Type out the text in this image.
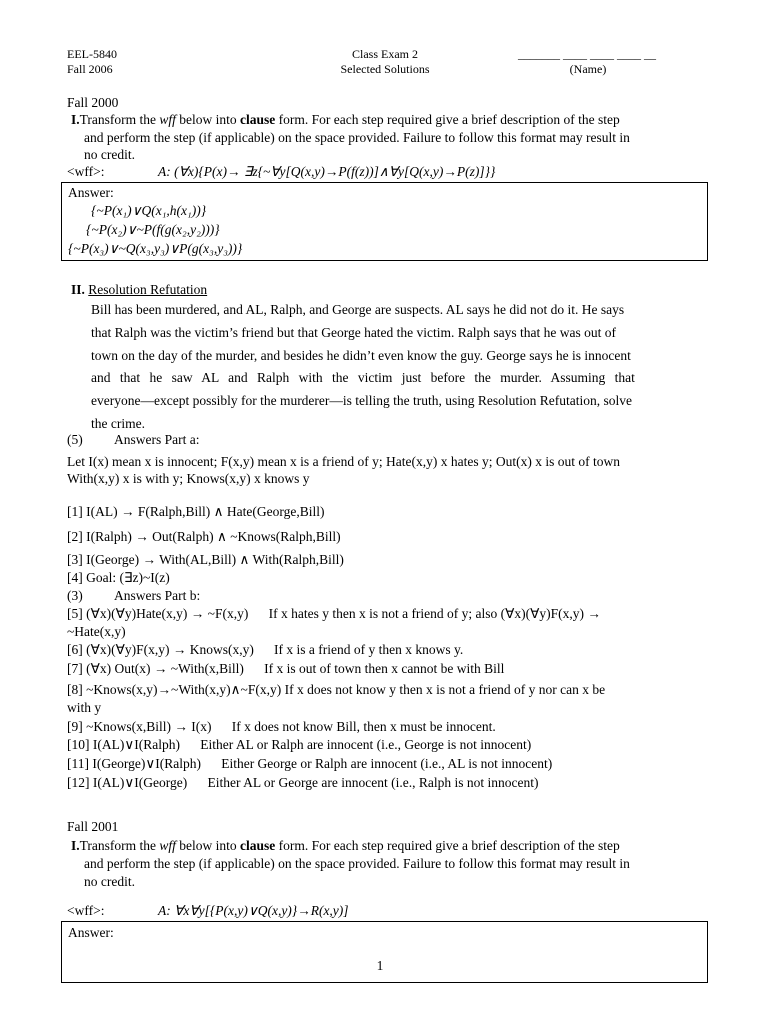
EEL-5840
Fall 2006
Class Exam 2
Selected Solutions
_______ ____ ____ ____ __
(Name)
Fall 2000
I.Transform the wff below into clause form. For each step required give a brief description of the step
and perform the step (if applicable) on the space provided. Failure to follow this format may result in
no credit.
<wff>:	A: (∀x){P(x)→ ∃z{~∀y[Q(x,y)→P(f(z))]∧∀y[Q(x,y)→P(z)]}}
Answer:
{~P(x₁)∨Q(x₁,h(x₁))}
{~P(x₂)∨~P(f(g(x₂,y₂)))}
{~P(x₃)∨~Q(x₃,y₃)∨P(g(x₃,y₃))}
II. Resolution Refutation
Bill has been murdered, and AL, Ralph, and George are suspects. AL says he did not do it. He says
that Ralph was the victim’s friend but that George hated the victim. Ralph says that he was out of
town on the day of the murder, and besides he didn’t even know the guy. George says he is innocent
and that he saw AL and Ralph with the victim just before the murder. Assuming that
everyone—except possibly for the murderer—is telling the truth, using Resolution Refutation, solve
the crime.
(5) Answers Part a:
Let I(x) mean x is innocent; F(x,y) mean x is a friend of y; Hate(x,y) x hates y; Out(x) x is out of town
With(x,y) x is with y; Knows(x,y) x knows y
[1] I(AL) → F(Ralph,Bill) ∧ Hate(George,Bill)
[2] I(Ralph) → Out(Ralph) ∧ ~Knows(Ralph,Bill)
[3] I(George) → With(AL,Bill) ∧ With(Ralph,Bill)
[4] Goal: (∃z)~I(z)
(3) Answers Part b:
[5] (∀x)(∀y)Hate(x,y) → ~F(x,y)      If x hates y then x is not a friend of y; also (∀x)(∀y)F(x,y) →
~Hate(x,y)
[6] (∀x)(∀y)F(x,y) → Knows(x,y)      If x is a friend of y then x knows y.
[7] (∀x) Out(x) → ~With(x,Bill)      If x is out of town then x cannot be with Bill
[8] ~Knows(x,y)→~With(x,y)∧~F(x,y) If x does not know y then x is not a friend of y nor can x be
with y
[9] ~Knows(x,Bill) → I(x)      If x does not know Bill, then x must be innocent.
[10] I(AL)∨I(Ralph)      Either AL or Ralph are innocent (i.e., George is not innocent)
[11] I(George)∨I(Ralph)      Either George or Ralph are innocent (i.e., AL is not innocent)
[12] I(AL)∨I(George)      Either AL or George are innocent (i.e., Ralph is not innocent)
Fall 2001
I.Transform the wff below into clause form. For each step required give a brief description of the step
and perform the step (if applicable) on the space provided. Failure to follow this format may result in
no credit.
<wff>:	A: ∀x∀y[{P(x,y)∨Q(x,y)}→R(x,y)]
Answer:
1
